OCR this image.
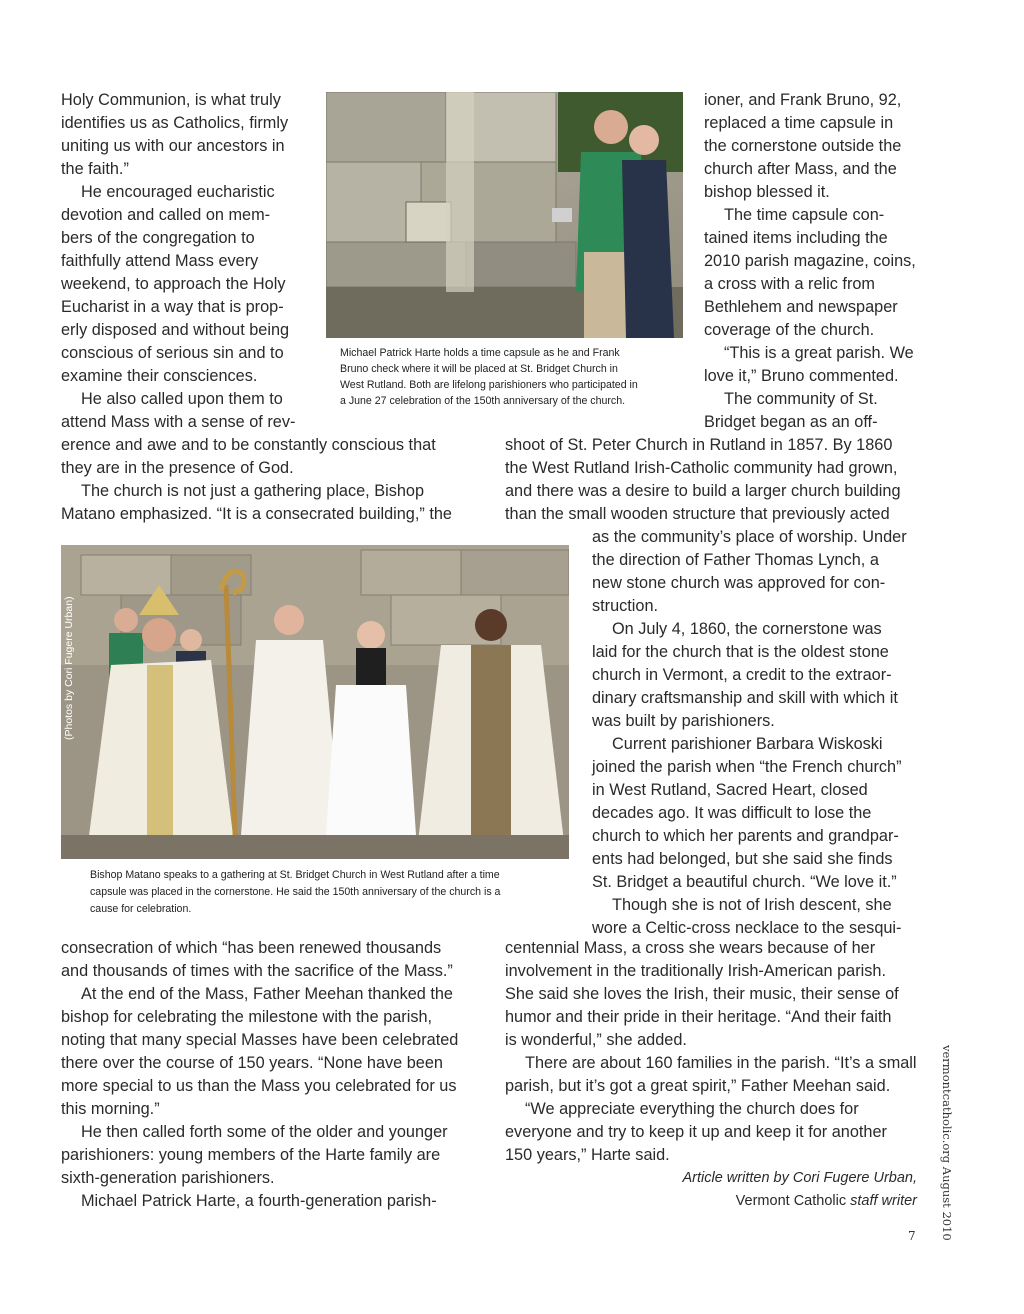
Holy Communion, is what truly

identifies us as Catholics, firmly

uniting us with our ancestors in

the faith.”

He encouraged eucharistic

devotion and called on mem-

bers of the congregation to

faithfully attend Mass every

weekend, to approach the Holy

Eucharist in a way that is prop-

erly disposed and without being

conscious of serious sin and to

examine their consciences.

He also called upon them to

attend Mass with a sense of rev-

erence and awe and to be constantly conscious that

they are in the presence of God.

The church is not just a gathering place, Bishop

Matano emphasized. “It is a consecrated building,” the

Michael Patrick Harte holds a time capsule as he and Frank

Bruno check where it will be placed at St. Bridget Church in

West Rutland. Both are lifelong parishioners who participated in

a June 27 celebration of the 150th anniversary of the church.

ioner, and Frank Bruno, 92,

replaced a time capsule in

the cornerstone outside the

church after Mass, and the

bishop blessed it.

The time capsule con-

tained items including the

2010 parish magazine, coins,

a cross with a relic from

Bethlehem and newspaper

coverage of the church.

“This is a great parish. We

love it,” Bruno commented.

The community of St.

Bridget began as an off-

shoot of St. Peter Church in Rutland in 1857. By 1860

the West Rutland Irish-Catholic community had grown,

and there was a desire to build a larger church building

than the small wooden structure that previously acted

(Photos by Cori Fugere Urban)

Bishop Matano speaks to a gathering at St. Bridget Church in West Rutland after a time

capsule was placed in the cornerstone. He said the 150th anniversary of the church is a

cause for celebration.

as the community’s place of worship. Under

the direction of Father Thomas Lynch, a

new stone church was approved for con-

struction.

On July 4, 1860, the cornerstone was

laid for the church that is the oldest stone

church in Vermont, a credit to the extraor-

dinary craftsmanship and skill with which it

was built by parishioners.

Current parishioner Barbara Wiskoski

joined the parish when “the French church”

in West Rutland, Sacred Heart, closed

decades ago. It was difficult to lose the

church to which her parents and grandpar-

ents had belonged, but she said she finds

St. Bridget a beautiful church. “We love it.”

Though she is not of Irish descent, she

wore a Celtic-cross necklace to the sesqui-

consecration of which “has been renewed thousands

and thousands of times with the sacrifice of the Mass.”

At the end of the Mass, Father Meehan thanked the

bishop for celebrating the milestone with the parish,

noting that many special Masses have been celebrated

there over the course of 150 years. “None have been

more special to us than the Mass you celebrated for us

this morning.”

He then called forth some of the older and younger

parishioners: young members of the Harte family are

sixth-generation parishioners.

Michael Patrick Harte, a fourth-generation parish-

centennial Mass, a cross she wears because of her

involvement in the traditionally Irish-American parish.

She said she loves the Irish, their music, their sense of

humor and their pride in their heritage. “And their faith

is wonderful,” she added.

There are about 160 families in the parish. “It’s a small

parish, but it’s got a great spirit,” Father Meehan said.

“We appreciate everything the church does for

everyone and try to keep it up and keep it for another

150 years,” Harte said.

Article written by Cori Fugere Urban,
Vermont Catholic staff writer vermontcatholic.org August 2010
7
